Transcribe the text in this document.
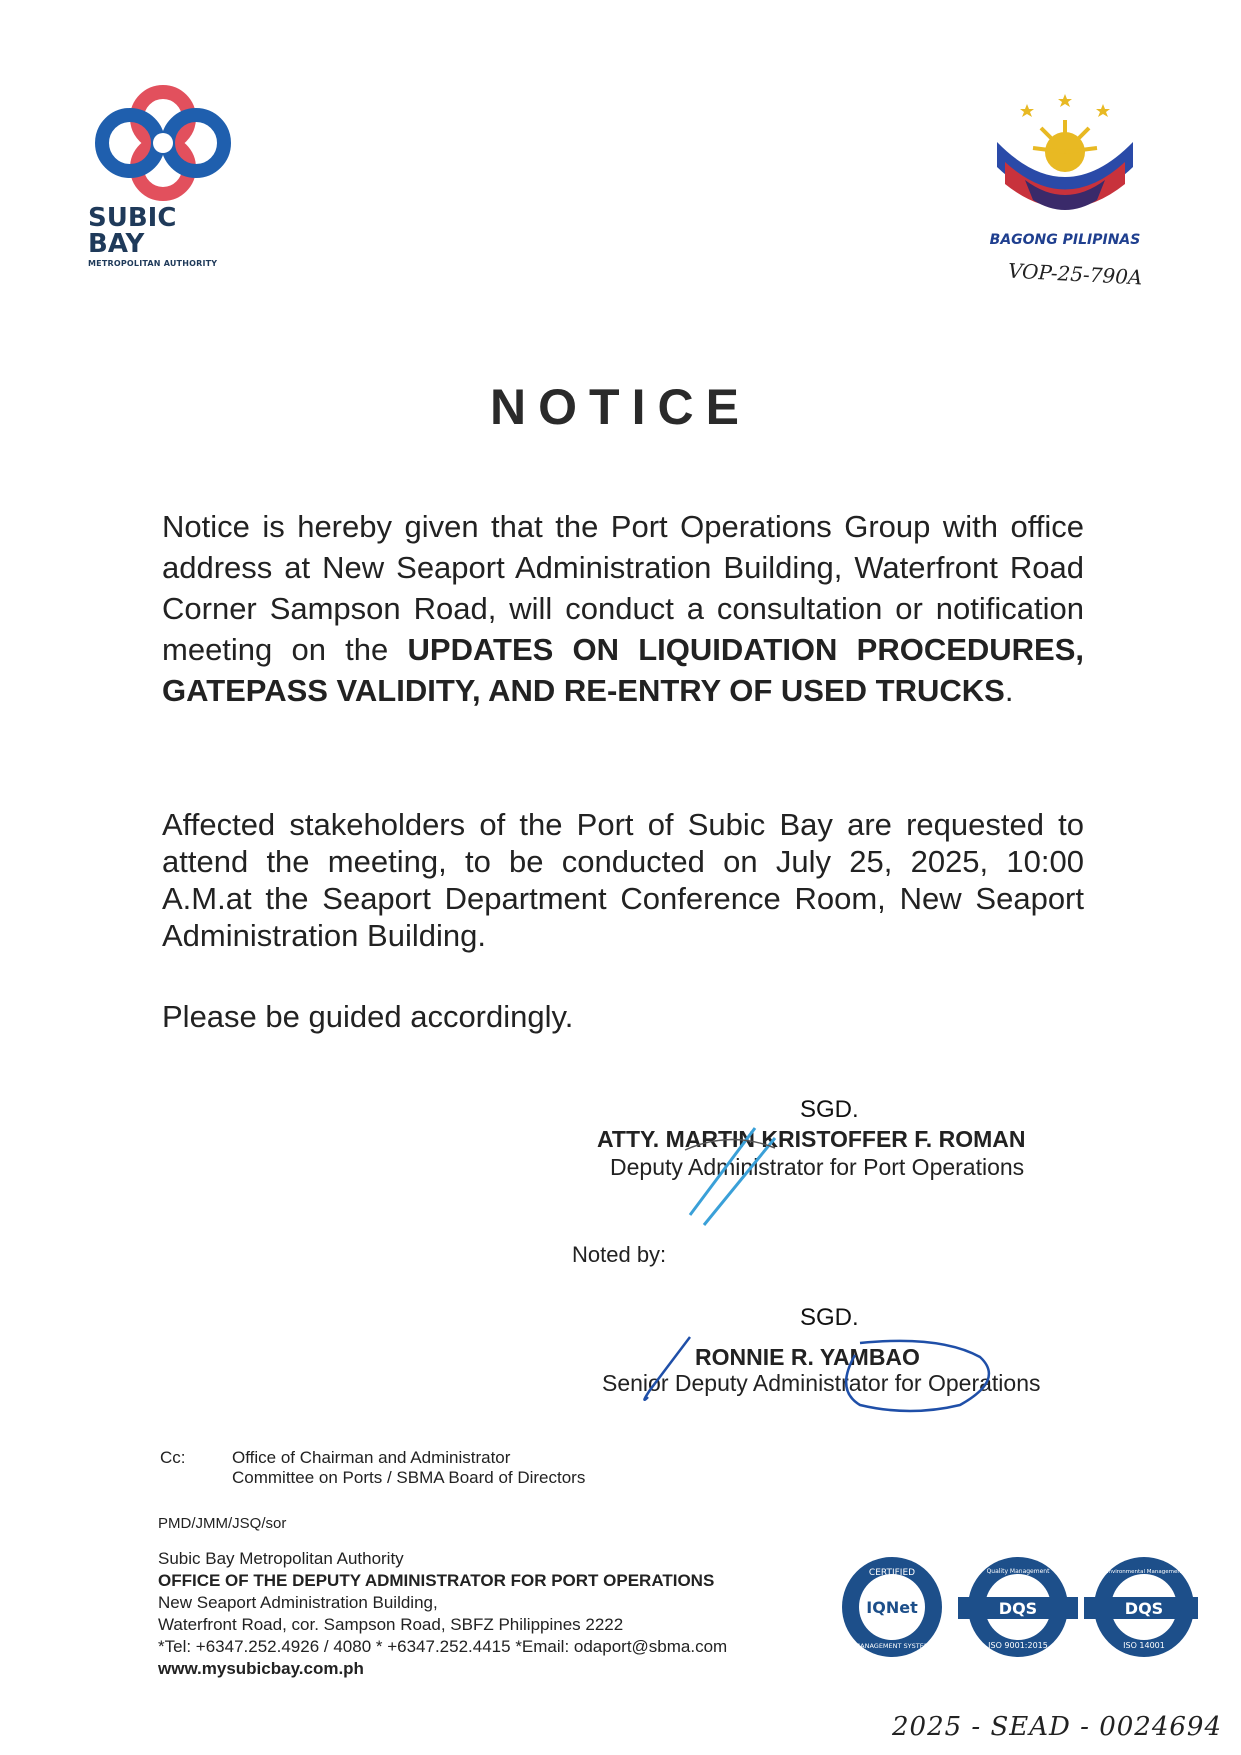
SUBIC BAY
METROPOLITAN AUTHORITY
BAGONG PILIPINAS
VOP-25-790A
NOTICE
Notice is hereby given that the Port Operations Group with office address at New Seaport Administration Building, Waterfront Road Corner Sampson Road, will conduct a consultation or notification meeting on the UPDATES ON LIQUIDATION PROCEDURES, GATEPASS VALIDITY, AND RE-ENTRY OF USED TRUCKS.
Affected stakeholders of the Port of Subic Bay are requested to attend the meeting, to be conducted on July 25, 2025, 10:00 A.M.at the Seaport Department Conference Room, New Seaport Administration Building.
Please be guided accordingly.
SGD.
ATTY. MARTIN KRISTOFFER F. ROMAN
Deputy Administrator for Port Operations
Noted by:
SGD.
RONNIE R. YAMBAO
Senior Deputy Administrator for Operations
Cc:	Office of Chairman and Administrator
Committee on Ports / SBMA Board of Directors
PMD/JMM/JSQ/sor
Subic Bay Metropolitan Authority
OFFICE OF THE DEPUTY ADMINISTRATOR FOR PORT OPERATIONS
New Seaport Administration Building,
Waterfront Road, cor. Sampson Road, SBFZ Philippines 2222
*Tel: +6347.252.4926 / 4080 * +6347.252.4415 *Email: odaport@sbma.com
www.mysubicbay.com.ph
CERTIFIED
IQNet
MANAGEMENT SYSTEM
DQS
Quality Management
ISO 9001:2015
DQS
Environmental Management
ISO 14001
2025 - SEAD - 0024694
